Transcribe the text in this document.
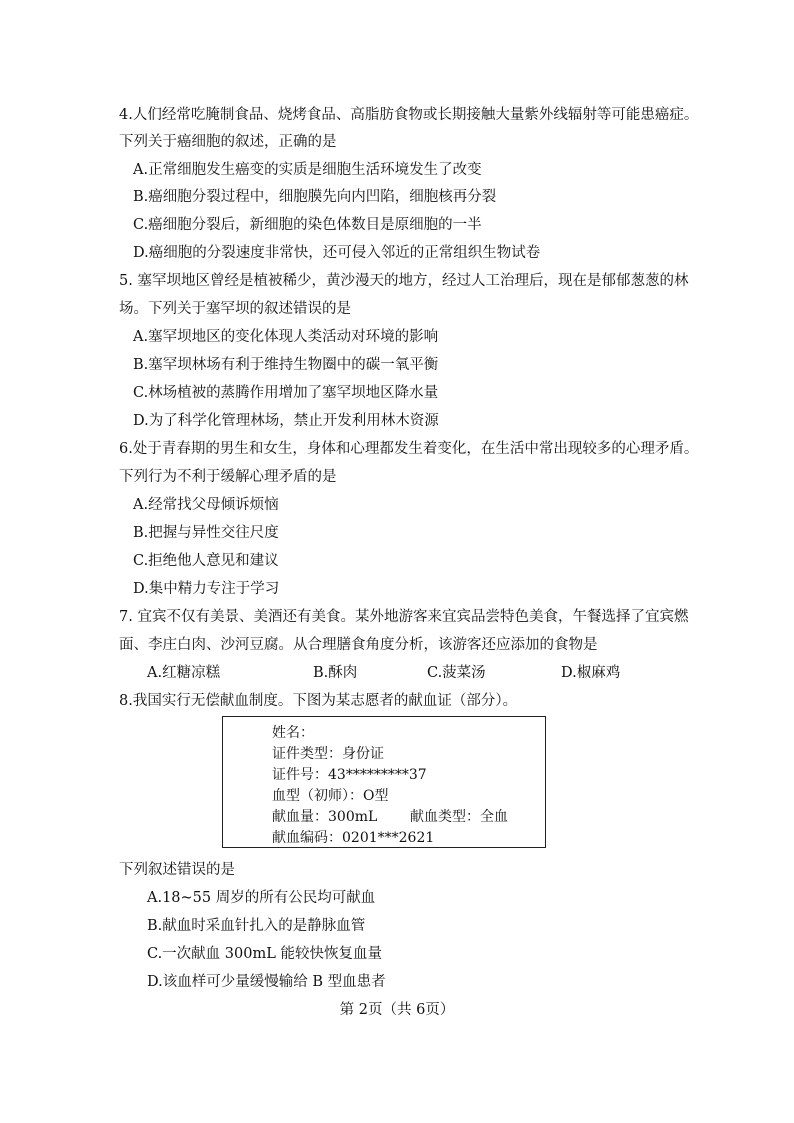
4.人们经常吃腌制食品、烧烤食品、高脂肪食物或长期接触大量紫外线辐射等可能患癌症。
下列关于癌细胞的叙述，正确的是
A.正常细胞发生癌变的实质是细胞生活环境发生了改变
B.癌细胞分裂过程中，细胞膜先向内凹陷，细胞核再分裂
C.癌细胞分裂后，新细胞的染色体数目是原细胞的一半
D.癌细胞的分裂速度非常快，还可侵入邻近的正常组织生物试卷
5. 塞罕坝地区曾经是植被稀少，黄沙漫天的地方，经过人工治理后，现在是郁郁葱葱的林
场。下列关于塞罕坝的叙述错误的是
A.塞罕坝地区的变化体现人类活动对环境的影响
B.塞罕坝林场有利于维持生物圈中的碳一氧平衡
C.林场植被的蒸腾作用增加了塞罕坝地区降水量
D.为了科学化管理林场，禁止开发利用林木资源
6.处于青春期的男生和女生，身体和心理都发生着变化，在生活中常出现较多的心理矛盾。
下列行为不利于缓解心理矛盾的是
A.经常找父母倾诉烦恼
B.把握与异性交往尺度
C.拒绝他人意见和建议
D.集中精力专注于学习
7. 宜宾不仅有美景、美酒还有美食。某外地游客来宜宾品尝特色美食，午餐选择了宜宾燃
面、李庄白肉、沙河豆腐。从合理膳食角度分析，该游客还应添加的食物是
A.红糖凉糕	B.酥肉	C.菠菜汤	D.椒麻鸡
8.我国实行无偿献血制度。下图为某志愿者的献血证（部分）。
姓名：
证件类型：身份证
证件号：43*********37
血型（初师）：O型
献血量：300mL 献血类型：全血
献血编码：0201***2621
下列叙述错误的是
A.18~55 周岁的所有公民均可献血
B.献血时采血针扎入的是静脉血管
C.一次献血 300mL 能较快恢复血量
D.该血样可少量缓慢输给 B 型血患者
第 2页（共 6页）
